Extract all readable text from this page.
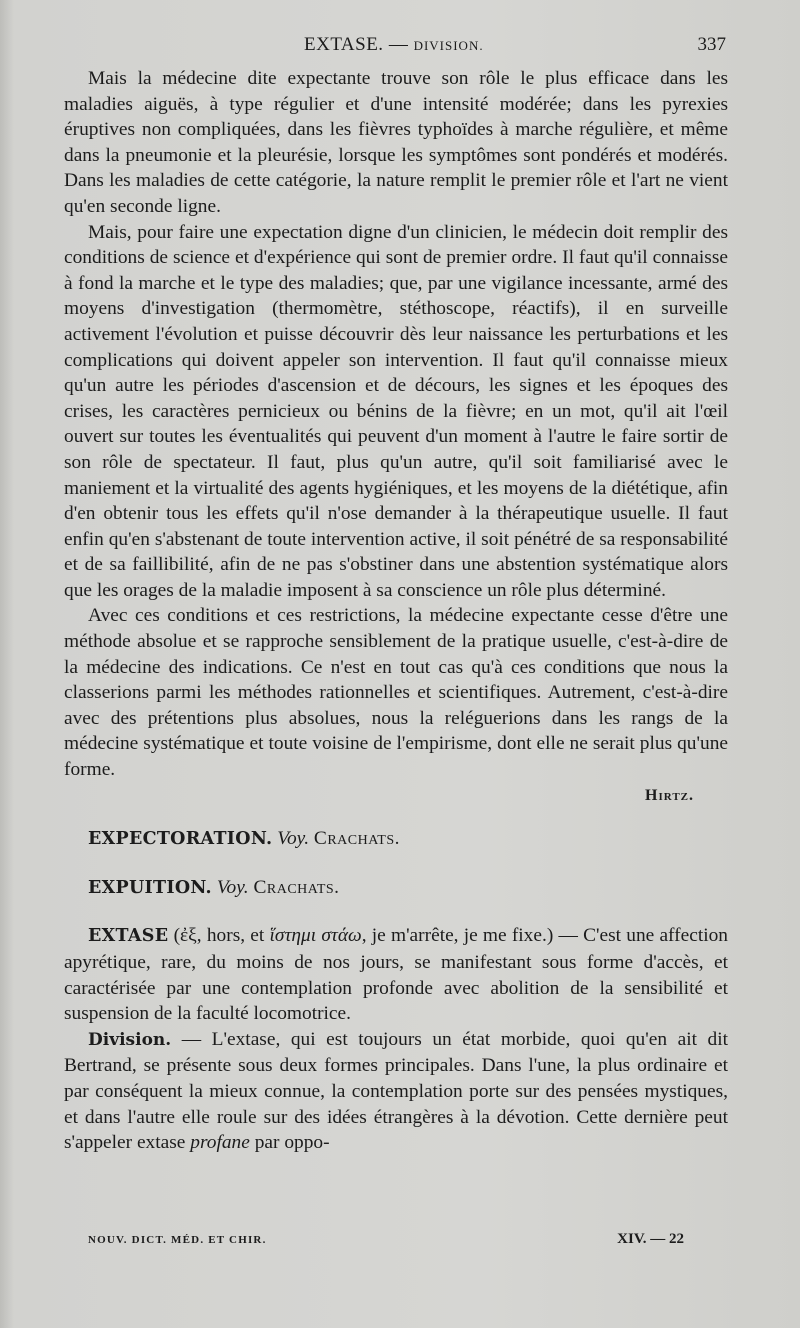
EXTASE. — DIVISION.	337

Mais la médecine dite expectante trouve son rôle le plus efficace dans les maladies aiguës, à type régulier et d'une intensité modérée; dans les pyrexies éruptives non compliquées, dans les fièvres typhoïdes à marche régulière, et même dans la pneumonie et la pleurésie, lorsque les symptômes sont pondérés et modérés. Dans les maladies de cette catégorie, la nature remplit le premier rôle et l'art ne vient qu'en seconde ligne.

Mais, pour faire une expectation digne d'un clinicien, le médecin doit remplir des conditions de science et d'expérience qui sont de premier ordre. Il faut qu'il connaisse à fond la marche et le type des maladies; que, par une vigilance incessante, armé des moyens d'investigation (thermomètre, stéthoscope, réactifs), il en surveille activement l'évolution et puisse découvrir dès leur naissance les perturbations et les complications qui doivent appeler son intervention. Il faut qu'il connaisse mieux qu'un autre les périodes d'ascension et de décours, les signes et les époques des crises, les caractères pernicieux ou bénins de la fièvre; en un mot, qu'il ait l'œil ouvert sur toutes les éventualités qui peuvent d'un moment à l'autre le faire sortir de son rôle de spectateur. Il faut, plus qu'un autre, qu'il soit familiarisé avec le maniement et la virtualité des agents hygiéniques, et les moyens de la diététique, afin d'en obtenir tous les effets qu'il n'ose demander à la thérapeutique usuelle. Il faut enfin qu'en s'abstenant de toute intervention active, il soit pénétré de sa responsabilité et de sa faillibilité, afin de ne pas s'obstiner dans une abstention systématique alors que les orages de la maladie imposent à sa conscience un rôle plus déterminé.

Avec ces conditions et ces restrictions, la médecine expectante cesse d'être une méthode absolue et se rapproche sensiblement de la pratique usuelle, c'est-à-dire de la médecine des indications. Ce n'est en tout cas qu'à ces conditions que nous la classerions parmi les méthodes rationnelles et scientifiques. Autrement, c'est-à-dire avec des prétentions plus absolues, nous la reléguerions dans les rangs de la médecine systématique et toute voisine de l'empirisme, dont elle ne serait plus qu'une forme.

Hirtz.

EXPECTORATION. Voy. Crachats.

EXPUITION. Voy. Crachats.

EXTASE (ἐξ, hors, et ἵστημι στάω, je m'arrête, je me fixe.) — C'est une affection apyrétique, rare, du moins de nos jours, se manifestant sous forme d'accès, et caractérisée par une contemplation profonde avec abolition de la sensibilité et suspension de la faculté locomotrice.

Division. — L'extase, qui est toujours un état morbide, quoi qu'en ait dit Bertrand, se présente sous deux formes principales. Dans l'une, la plus ordinaire et par conséquent la mieux connue, la contemplation porte sur des pensées mystiques, et dans l'autre elle roule sur des idées étrangères à la dévotion. Cette dernière peut s'appeler extase profane par oppo-

NOUV. DICT. MÉD. ET CHIR.	XIV. — 22
